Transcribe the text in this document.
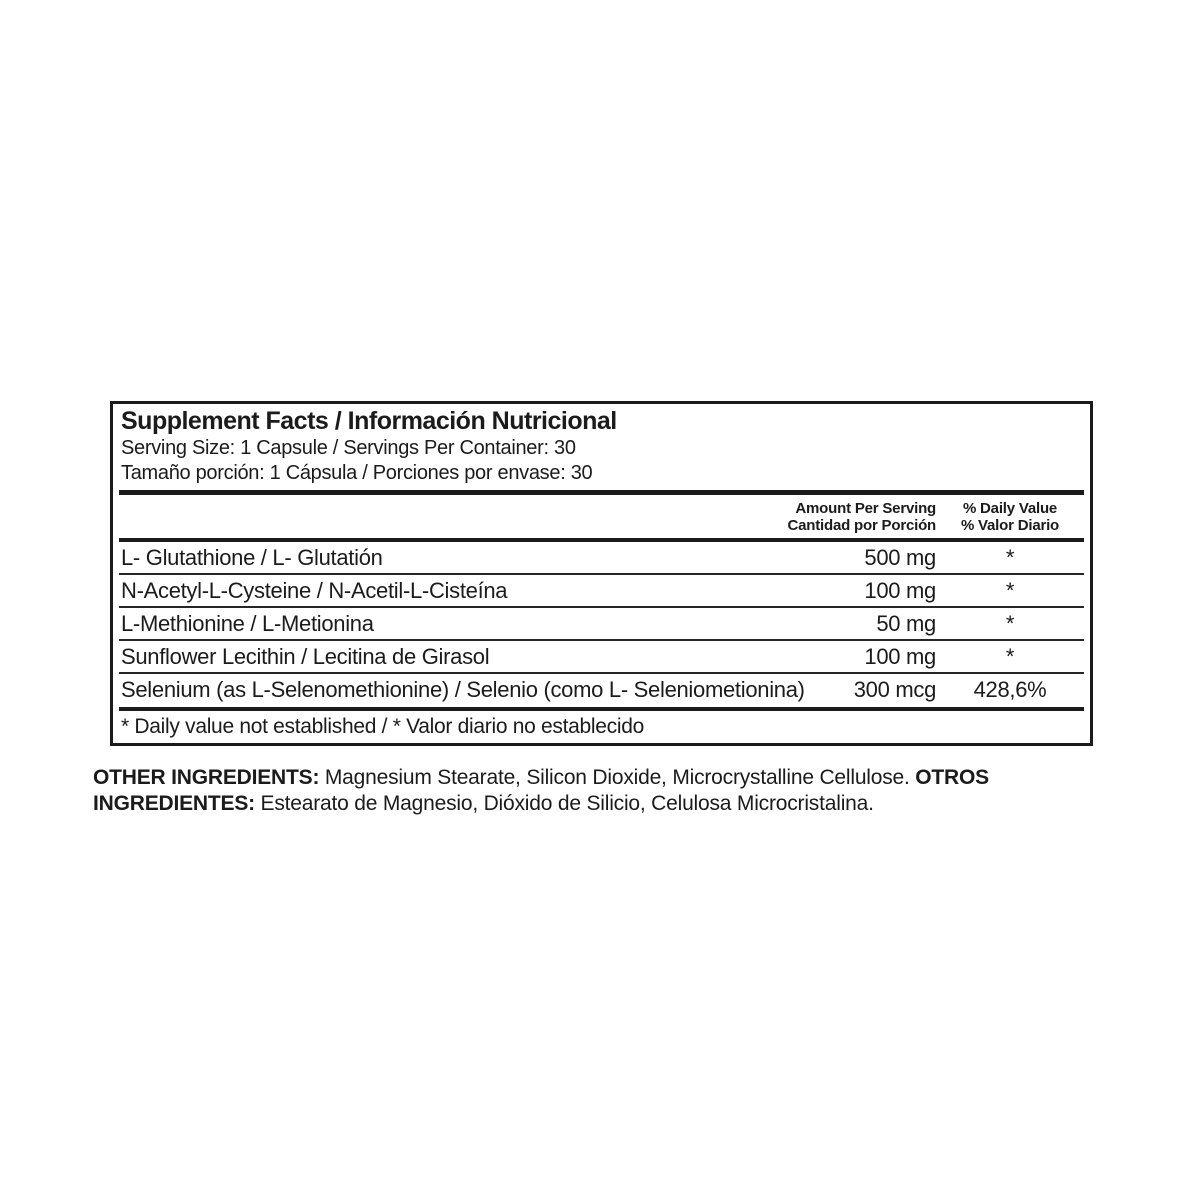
Supplement Facts / Información Nutricional
Serving Size: 1 Capsule / Servings Per Container: 30
Tamaño porción: 1 Cápsula / Porciones por envase: 30
Amount Per Serving
Cantidad por Porción
% Daily Value
% Valor Diario
L- Glutathione / L- Glutatión	500 mg	*
N-Acetyl-L-Cysteine / N-Acetil-L-Cisteína	100 mg	*
L-Methionine / L-Metionina	50 mg	*
Sunflower Lecithin / Lecitina de Girasol	100 mg	*
Selenium (as L-Selenomethionine) / Selenio (como L- Seleniometionina)	300 mcg	428,6%
* Daily value not established / * Valor diario no establecido

OTHER INGREDIENTS: Magnesium Stearate, Silicon Dioxide, Microcrystalline Cellulose. OTROS INGREDIENTES: Estearato de Magnesio, Dióxido de Silicio, Celulosa Microcristalina.
